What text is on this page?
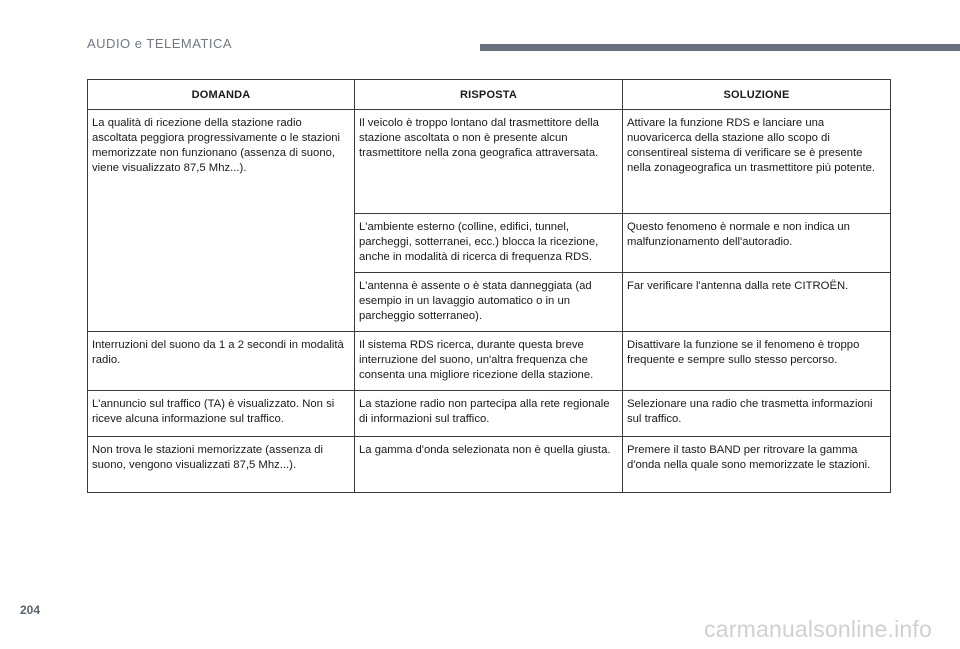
AUDIO e TELEMATICA
DOMANDA	RISPOSTA	SOLUZIONE
La qualità di ricezione della stazione radio ascoltata peggiora progressivamente o le stazioni memorizzate non funzionano (assenza di suono, viene visualizzato 87,5 Mhz...).	Il veicolo è troppo lontano dal trasmettitore della stazione ascoltata o non è presente alcun trasmettitore nella zona geografica attraversata.	Attivare la funzione RDS e lanciare una nuovaricerca della stazione allo scopo di consentireal sistema di verificare se è presente nella zonageografica un trasmettitore più potente.
	L'ambiente esterno (colline, edifici, tunnel, parcheggi, sotterranei, ecc.) blocca la ricezione, anche in modalità di ricerca di frequenza RDS.	Questo fenomeno è normale e non indica un malfunzionamento dell'autoradio.
	L'antenna è assente o è stata danneggiata (ad esempio in un lavaggio automatico o in un parcheggio sotterraneo).	Far verificare l'antenna dalla rete CITROËN.
Interruzioni del suono da 1 a 2 secondi in modalità radio.	Il sistema RDS ricerca, durante questa breve interruzione del suono, un'altra frequenza che consenta una migliore ricezione della stazione.	Disattivare la funzione se il fenomeno è troppo frequente e sempre sullo stesso percorso.
L'annuncio sul traffico (TA) è visualizzato. Non si riceve alcuna informazione sul traffico.	La stazione radio non partecipa alla rete regionale di informazioni sul traffico.	Selezionare una radio che trasmetta informazioni sul traffico.
Non trova le stazioni memorizzate (assenza di suono, vengono visualizzati 87,5 Mhz...).	La gamma d'onda selezionata non è quella giusta.	Premere il tasto BAND per ritrovare la gamma d'onda nella quale sono memorizzate le stazioni.
204
carmanualsonline.info
